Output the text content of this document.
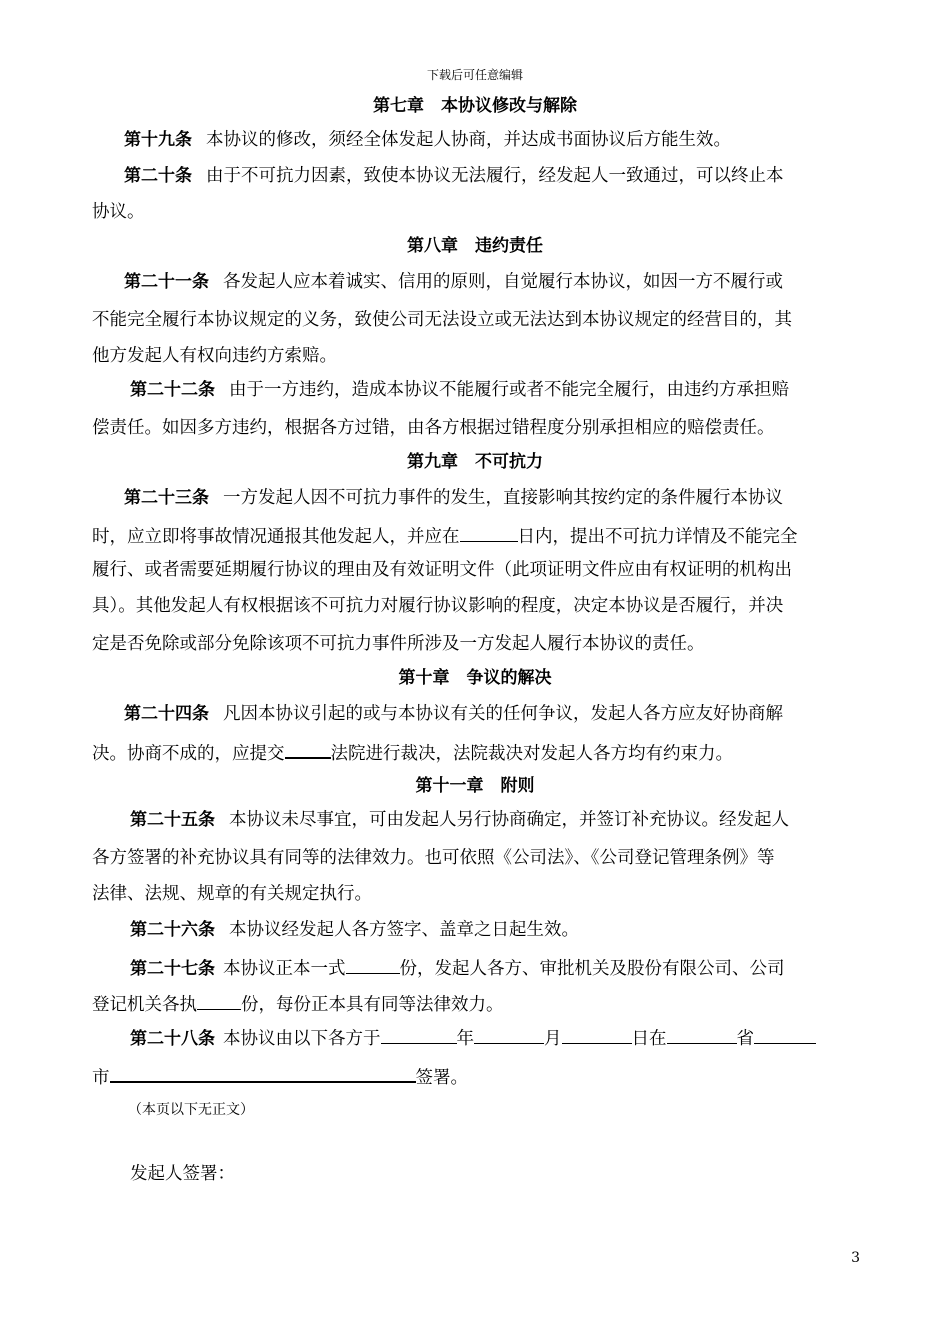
下载后可任意编辑
第七章　本协议修改与解除
第十九条 本协议的修改，须经全体发起人协商，并达成书面协议后方能生效。
第二十条 由于不可抗力因素，致使本协议无法履行，经发起人一致通过，可以终止本
协议。
第八章　违约责任
第二十一条 各发起人应本着诚实、信用的原则，自觉履行本协议，如因一方不履行或
不能完全履行本协议规定的义务，致使公司无法设立或无法达到本协议规定的经营目的，其
他方发起人有权向违约方索赔。
第二十二条 由于一方违约，造成本协议不能履行或者不能完全履行，由违约方承担赔
偿责任。如因多方违约，根据各方过错，由各方根据过错程度分别承担相应的赔偿责任。
第九章　不可抗力
第二十三条 一方发起人因不可抗力事件的发生，直接影响其按约定的条件履行本协议
时，应立即将事故情况通报其他发起人，并应在	日内，提出不可抗力详情及不能完全
履行、或者需要延期履行协议的理由及有效证明文件（此项证明文件应由有权证明的机构出
具）。其他发起人有权根据该不可抗力对履行协议影响的程度，决定本协议是否履行，并决
定是否免除或部分免除该项不可抗力事件所涉及一方发起人履行本协议的责任。
第十章　争议的解决
第二十四条 凡因本协议引起的或与本协议有关的任何争议，发起人各方应友好协商解
决。协商不成的，应提交	法院进行裁决，法院裁决对发起人各方均有约束力。
第十一章　附则
第二十五条 本协议未尽事宜，可由发起人另行协商确定，并签订补充协议。经发起人
各方签署的补充协议具有同等的法律效力。也可依照《公司法》、《公司登记管理条例》等
法律、法规、规章的有关规定执行。
第二十六条 本协议经发起人各方签字、盖章之日起生效。
第二十七条 本协议正本一式	份，发起人各方、审批机关及股份有限公司、公司
登记机关各执	份，每份正本具有同等法律效力。
第二十八条 本协议由以下各方于	年	月	日在	省
市	签署。
（本页以下无正文）
发起人签署：
3
